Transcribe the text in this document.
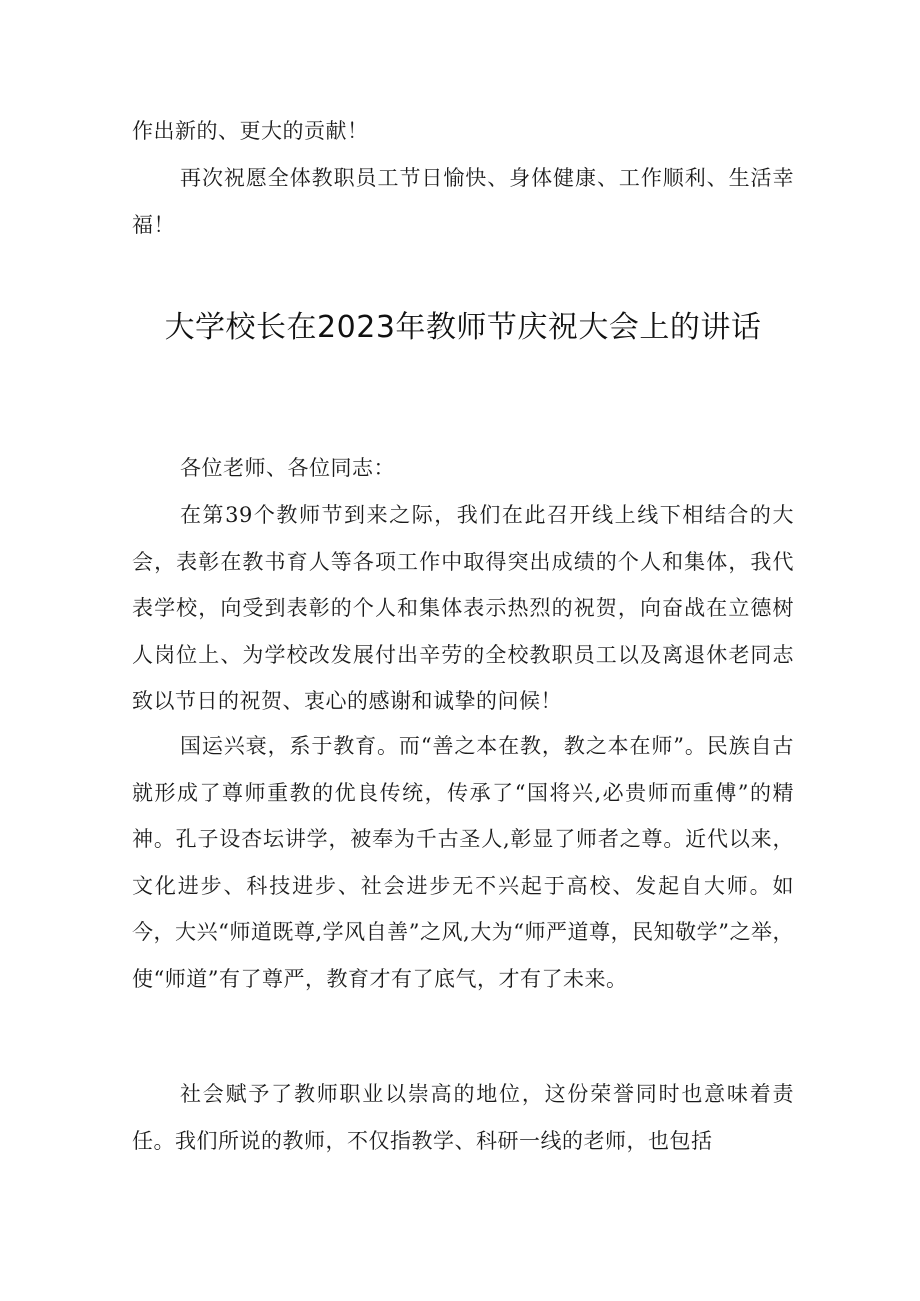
作出新的、更大的贡献！

再次祝愿全体教职员工节日愉快、身体健康、工作顺利、生活幸福！

大学校长在2023年教师节庆祝大会上的讲话

各位老师、各位同志：

在第39个教师节到来之际，我们在此召开线上线下相结合的大会，表彰在教书育人等各项工作中取得突出成绩的个人和集体，我代表学校，向受到表彰的个人和集体表示热烈的祝贺，向奋战在立德树人岗位上、为学校改发展付出辛劳的全校教职员工以及离退休老同志致以节日的祝贺、衷心的感谢和诚挚的问候！

国运兴衰，系于教育。而“善之本在教，教之本在师”。民族自古就形成了尊师重教的优良传统，传承了“国将兴,必贵师而重傅”的精神。孔子设杏坛讲学，被奉为千古圣人,彰显了师者之尊。近代以来，文化进步、科技进步、社会进步无不兴起于高校、发起自大师。如今，大兴“师道既尊,学风自善”之风,大为“师严道尊，民知敬学”之举，使“师道”有了尊严，教育才有了底气，才有了未来。

社会赋予了教师职业以崇高的地位，这份荣誉同时也意味着责任。我们所说的教师，不仅指教学、科研一线的老师，也包括
